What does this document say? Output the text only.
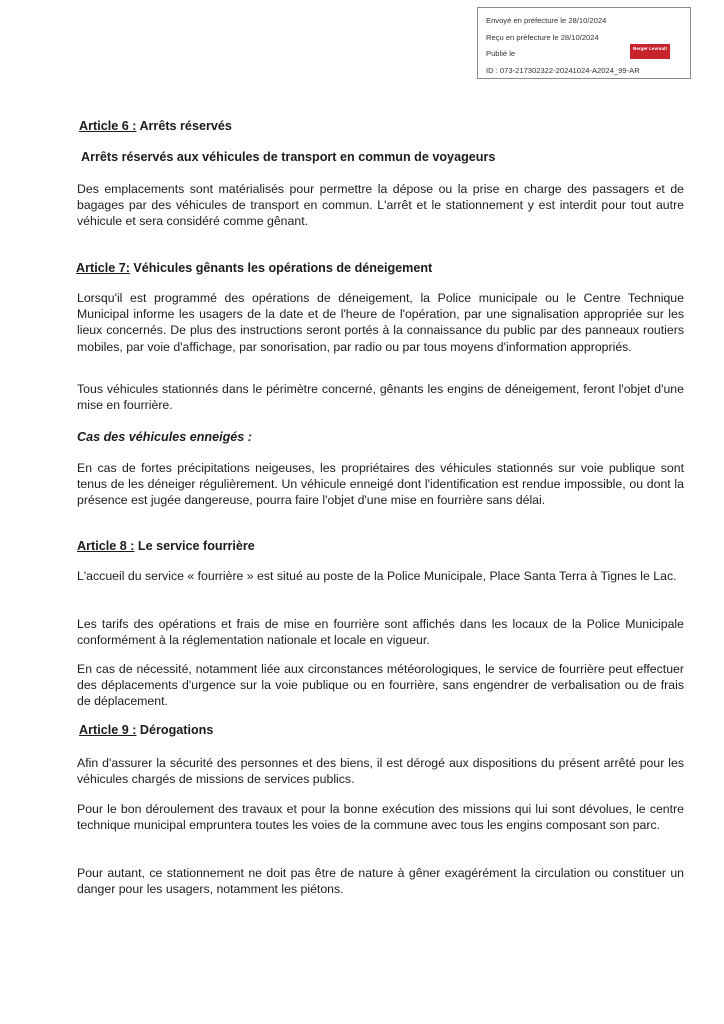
Envoyé en préfecture le 28/10/2024
Reçu en préfecture le 28/10/2024
Publié le
ID : 073-217302322-20241024-A2024_99-AR
Berger Levrault
Article 6 : Arrêts réservés
Arrêts réservés aux véhicules de transport en commun de voyageurs

Des emplacements sont matérialisés pour permettre la dépose ou la prise en charge des passagers et de bagages par des véhicules de transport en commun. L'arrêt et le stationnement y est interdit pour tout autre véhicule et sera considéré comme gênant.

Article 7: Véhicules gênants les opérations de déneigement

Lorsqu'il est programmé des opérations de déneigement, la Police municipale ou le Centre Technique Municipal informe les usagers de la date et de l'heure de l'opération, par une signalisation appropriée sur les lieux concernés. De plus des instructions seront portés à la connaissance du public par des panneaux routiers mobiles, par voie d'affichage, par sonorisation, par radio ou par tous moyens d'information appropriés.

Tous véhicules stationnés dans le périmètre concerné, gênants les engins de déneigement, feront l'objet d'une mise en fourrière.

Cas des véhicules enneigés :

En cas de fortes précipitations neigeuses, les propriétaires des véhicules stationnés sur voie publique sont tenus de les déneiger régulièrement. Un véhicule enneigé dont l'identification est rendue impossible, ou dont la présence est jugée dangereuse, pourra faire l'objet d'une mise en fourrière sans délai.

Article 8 : Le service fourrière

L'accueil du service « fourrière » est situé au poste de la Police Municipale, Place Santa Terra à Tignes le Lac.

Les tarifs des opérations et frais de mise en fourrière sont affichés dans les locaux de la Police Municipale conformément à la réglementation nationale et locale en vigueur.

En cas de nécessité, notamment liée aux circonstances météorologiques, le service de fourrière peut effectuer des déplacements d'urgence sur la voie publique ou en fourrière, sans engendrer de verbalisation ou de frais de déplacement.

Article 9 : Dérogations

Afin d'assurer la sécurité des personnes et des biens, il est dérogé aux dispositions du présent arrêté pour les véhicules chargés de missions de services publics.

Pour le bon déroulement des travaux et pour la bonne exécution des missions qui lui sont dévolues, le centre technique municipal empruntera toutes les voies de la commune avec tous les engins composant son parc.

Pour autant, ce stationnement ne doit pas être de nature à gêner exagérément la circulation ou constituer un danger pour les usagers, notamment les piétons.
